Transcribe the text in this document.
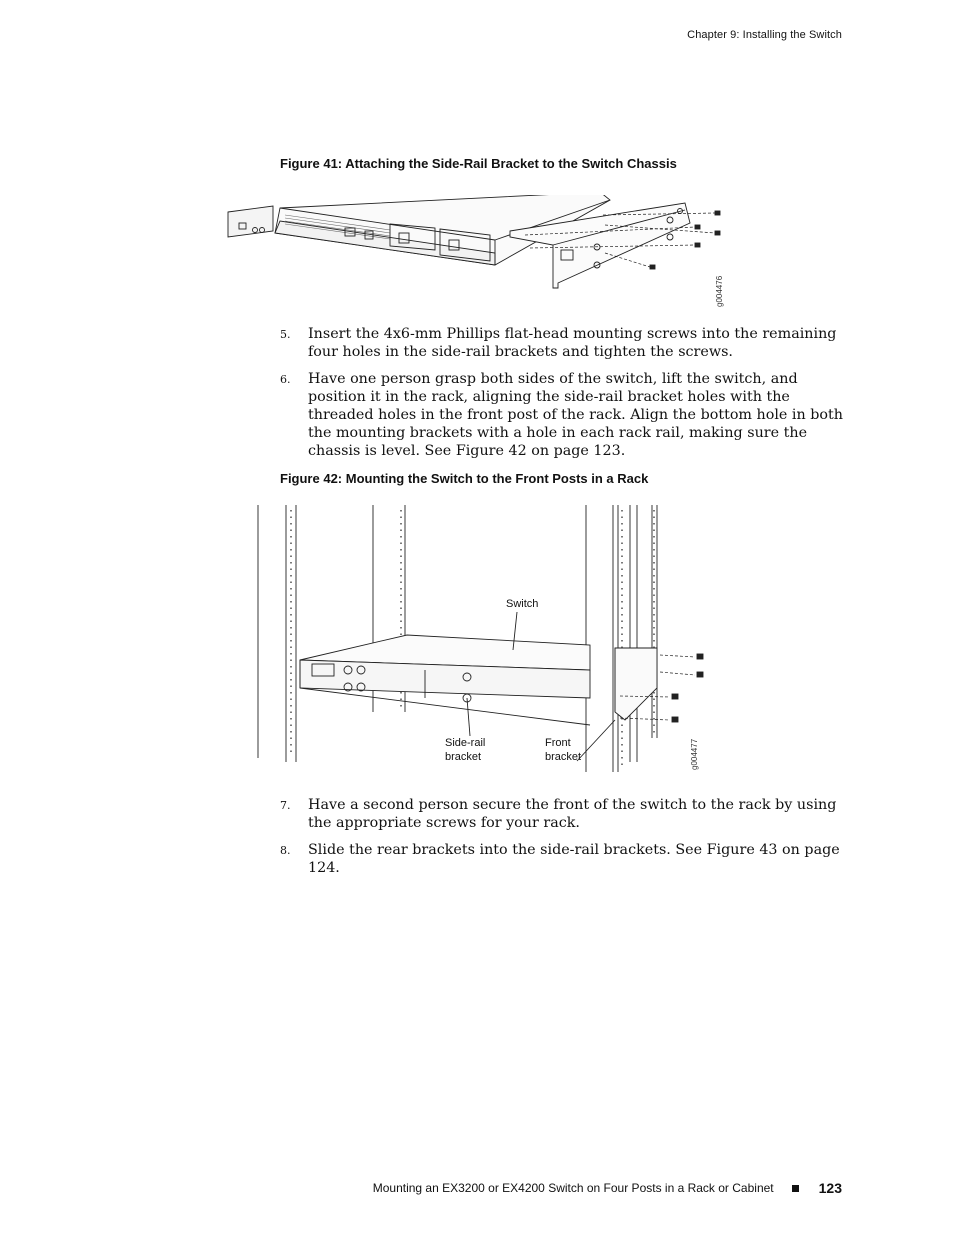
Chapter 9: Installing the Switch
Figure 41: Attaching the Side-Rail Bracket to the Switch Chassis
g004476
5. Insert the 4x6-mm Phillips flat-head mounting screws into the remaining four holes in the side-rail brackets and tighten the screws.
6. Have one person grasp both sides of the switch, lift the switch, and position it in the rack, aligning the side-rail bracket holes with the threaded holes in the front post of the rack. Align the bottom hole in both the mounting brackets with a hole in each rack rail, making sure the chassis is level. See Figure 42 on page 123.
Figure 42: Mounting the Switch to the Front Posts in a Rack
Switch
Side-rail
bracket
Front
bracket	g004477
7. Have a second person secure the front of the switch to the rack by using the appropriate screws for your rack.
8. Slide the rear brackets into the side-rail brackets. See Figure 43 on page 124.
Mounting an EX3200 or EX4200 Switch on Four Posts in a Rack or Cabinet	123
